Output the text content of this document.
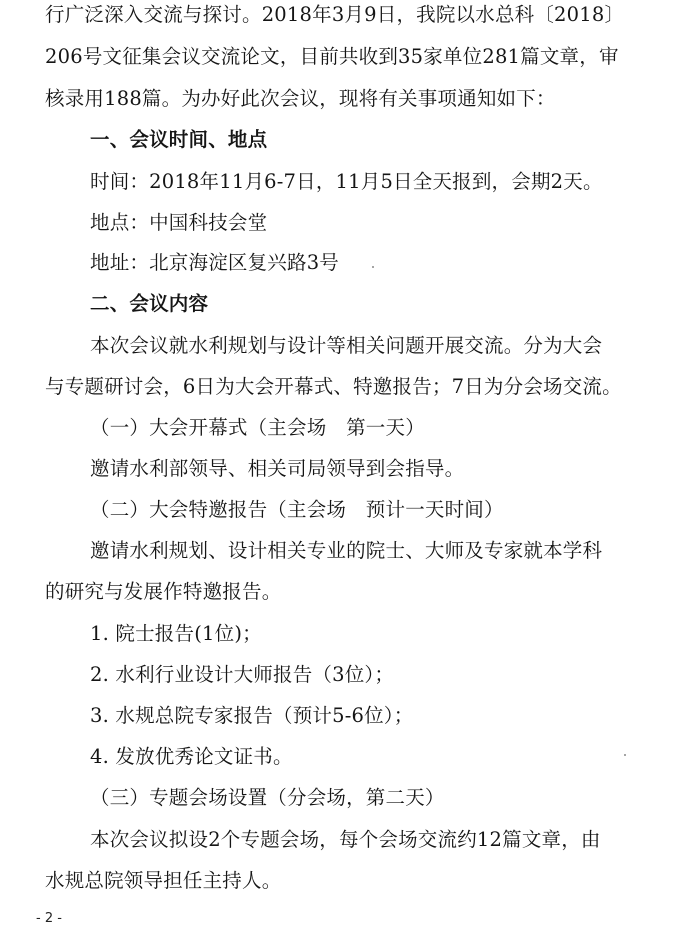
行广泛深入交流与探讨。2018年3月9日，我院以水总科〔2018〕
206号文征集会议交流论文，目前共收到35家单位281篇文章，审
核录用188篇。为办好此次会议，现将有关事项通知如下：
一、会议时间、地点
时间：2018年11月6-7日，11月5日全天报到，会期2天。
地点：中国科技会堂
地址：北京海淀区复兴路3号
二、会议内容
本次会议就水利规划与设计等相关问题开展交流。分为大会
与专题研讨会，6日为大会开幕式、特邀报告；7日为分会场交流。
（一）大会开幕式（主会场　第一天）
邀请水利部领导、相关司局领导到会指导。
（二）大会特邀报告（主会场　预计一天时间）
邀请水利规划、设计相关专业的院士、大师及专家就本学科
的研究与发展作特邀报告。
1. 院士报告(1位)；
2. 水利行业设计大师报告（3位）；
3. 水规总院专家报告（预计5-6位）；
4. 发放优秀论文证书。
（三）专题会场设置（分会场，第二天）
本次会议拟设2个专题会场，每个会场交流约12篇文章，由
水规总院领导担任主持人。
- 2 -
